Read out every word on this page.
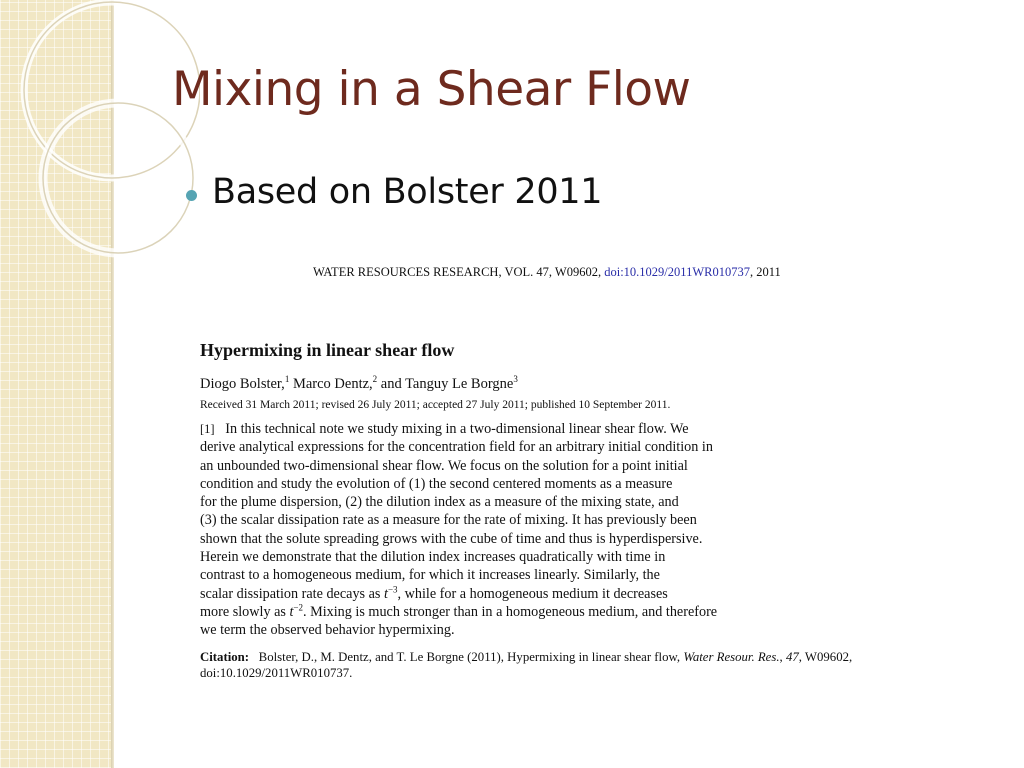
Mixing in a Shear Flow
Based on Bolster 2011
WATER RESOURCES RESEARCH, VOL. 47, W09602, doi:10.1029/2011WR010737, 2011
Hypermixing in linear shear flow
Diogo Bolster,$^1$ Marco Dentz,$^2$ and Tanguy Le Borgne$^3$
Received 31 March 2011; revised 26 July 2011; accepted 27 July 2011; published 10 September 2011.
[1] In this technical note we study mixing in a two-dimensional linear shear flow. We
derive analytical expressions for the concentration field for an arbitrary initial condition in
an unbounded two-dimensional shear flow. We focus on the solution for a point initial
condition and study the evolution of (1) the second centered moments as a measure
for the plume dispersion, (2) the dilution index as a measure of the mixing state, and
(3) the scalar dissipation rate as a measure for the rate of mixing. It has previously been
shown that the solute spreading grows with the cube of time and thus is hyperdispersive.
Herein we demonstrate that the dilution index increases quadratically with time in
contrast to a homogeneous medium, for which it increases linearly. Similarly, the
scalar dissipation rate decays as $t^{-3}$, while for a homogeneous medium it decreases
more slowly as $t^{-2}$. Mixing is much stronger than in a homogeneous medium, and therefore
we term the observed behavior hypermixing.
Citation: Bolster, D., M. Dentz, and T. Le Borgne (2011), Hypermixing in linear shear flow, Water Resour. Res., 47, W09602,
doi:10.1029/2011WR010737.
